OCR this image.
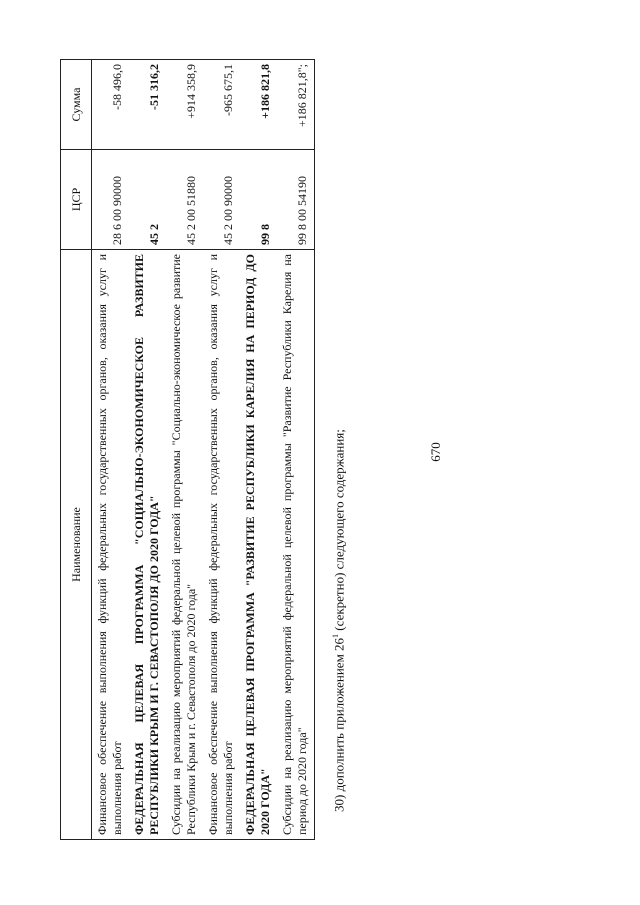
670
Наименование	ЦСР	Сумма
Финансовое обеспечение выполнения функций федеральных государственных органов, оказания услуг и выполнения работ	28 6 00 90000	-58 496,0
ФЕДЕРАЛЬНАЯ ЦЕЛЕВАЯ ПРОГРАММА "СОЦИАЛЬНО-ЭКОНОМИЧЕСКОЕ РАЗВИТИЕ РЕСПУБЛИКИ КРЫМ И Г. СЕВАСТОПОЛЯ ДО 2020 ГОДА"	45 2	-51 316,2
Субсидии на реализацию мероприятий федеральной целевой программы "Социально-экономическое развитие Республики Крым и г. Севастополя до 2020 года"	45 2 00 51880	+914 358,9
Финансовое обеспечение выполнения функций федеральных государственных органов, оказания услуг и выполнения работ	45 2 00 90000	-965 675,1
ФЕДЕРАЛЬНАЯ ЦЕЛЕВАЯ ПРОГРАММА "РАЗВИТИЕ РЕСПУБЛИКИ КАРЕЛИЯ НА ПЕРИОД ДО 2020 ГОДА"	99 8	+186 821,8
Субсидии на реализацию мероприятий федеральной целевой программы "Развитие Республики Карелия на период до 2020 года"	99 8 00 54190	+186 821,8";
30) дополнить приложением $26^1$ (секретно) следующего содержания;
